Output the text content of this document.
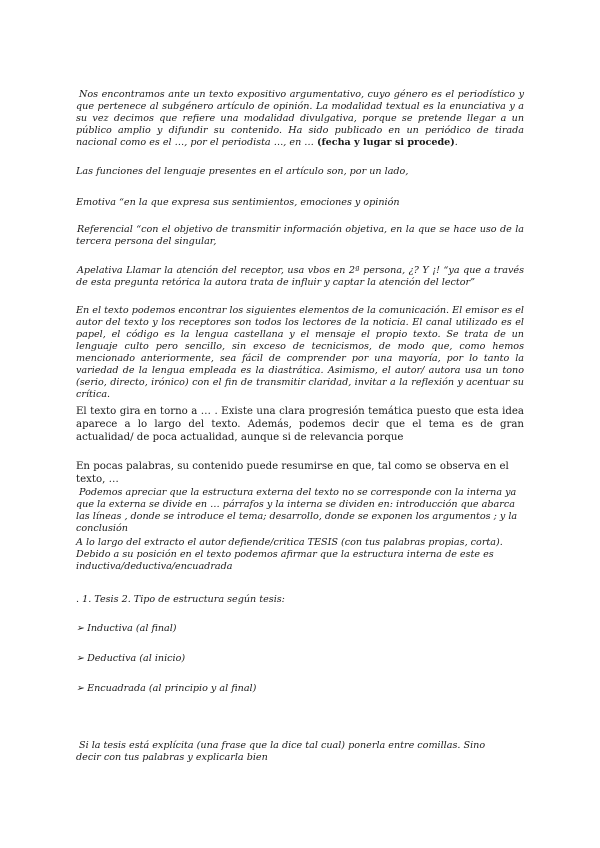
Nos encontramos ante un texto expositivo argumentativo, cuyo género es el periodístico y que pertenece al subgénero artículo de opinión. La modalidad textual es la enunciativa y a su vez decimos que refiere una modalidad divulgativa, porque se pretende llegar a un público amplio y difundir su contenido. Ha sido publicado en un periódico de tirada nacional como es el …, por el periodista …, en … (fecha y lugar si procede).

Las funciones del lenguaje presentes en el artículo son, por un lado,

Emotiva “en la que expresa sus sentimientos, emociones y opinión

Referencial “con el objetivo de transmitir información objetiva, en la que se hace uso de la tercera persona del singular,

Apelativa Llamar la atención del receptor, usa vbos en 2ª persona, ¿? Y ¡! “ya que a través de esta pregunta retórica la autora trata de influir y captar la atención del lector”

En el texto podemos encontrar los siguientes elementos de la comunicación. El emisor es el autor del texto y los receptores son todos los lectores de la noticia. El canal utilizado es el papel, el código es la lengua castellana y el mensaje el propio texto. Se trata de un lenguaje culto pero sencillo, sin exceso de tecnicismos, de modo que, como hemos mencionado anteriormente, sea fácil de comprender por una mayoría, por lo tanto la variedad de la lengua empleada es la diastrática. Asimismo, el autor/ autora usa un tono (serio, directo, irónico) con el fin de transmitir claridad, invitar a la reflexión y acentuar su crítica.

El texto gira en torno a … . Existe una clara progresión temática puesto que esta idea aparece a lo largo del texto. Además, podemos decir que el tema es de gran actualidad/ de poca actualidad, aunque si de relevancia porque

En pocas palabras, su contenido puede resumirse en que, tal como se observa en el texto, …

Podemos apreciar que la estructura externa del texto no se corresponde con la interna ya que la externa se divide en … párrafos y la interna se dividen en: introducción que abarca las líneas , donde se introduce el tema; desarrollo, donde se exponen los argumentos ; y la conclusión

A lo largo del extracto el autor defiende/critica TESIS (con tus palabras propias, corta). Debido a su posición en el texto podemos afirmar que la estructura interna de este es inductiva/deductiva/encuadrada

. 1. Tesis 2. Tipo de estructura según tesis:

➢ Inductiva (al final)

➢ Deductiva (al inicio)

➢ Encuadrada (al principio y al final)

Si la tesis está explícita (una frase que la dice tal cual) ponerla entre comillas. Sino decir con tus palabras y explicarla bien
